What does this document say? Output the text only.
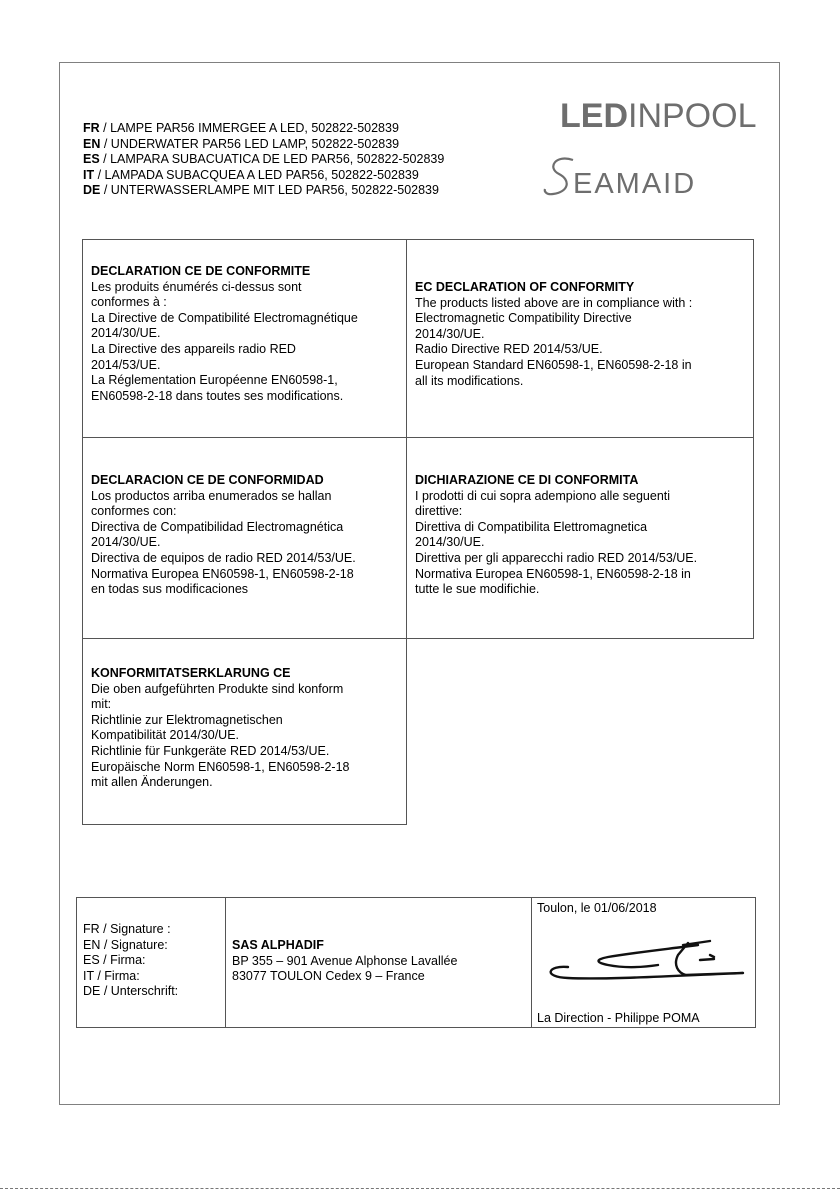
FR / LAMPE PAR56 IMMERGEE A LED, 502822-502839
EN / UNDERWATER PAR56 LED LAMP, 502822-502839
ES / LAMPARA SUBACUATICA DE LED PAR56, 502822-502839
IT / LAMPADA SUBACQUEA A LED PAR56, 502822-502839
DE / UNTERWASSERLAMPE MIT LED PAR56, 502822-502839
LEDINPOOL
EAMAID
DECLARATION CE DE CONFORMITE
Les produits énumérés ci-dessus sont
conformes à :
La Directive de Compatibilité Electromagnétique
2014/30/UE.
La Directive des appareils radio RED
2014/53/UE.
La Réglementation Européenne EN60598-1,
EN60598-2-18 dans toutes ses modifications.
EC DECLARATION OF CONFORMITY
The products listed above are in compliance with :
Electromagnetic Compatibility Directive
2014/30/UE.
Radio Directive RED 2014/53/UE.
European Standard EN60598-1, EN60598-2-18 in
all its modifications.
DECLARACION CE DE CONFORMIDAD
Los productos arriba enumerados se hallan
conformes con:
Directiva de Compatibilidad Electromagnética
2014/30/UE.
Directiva de equipos de radio RED 2014/53/UE.
Normativa Europea EN60598-1, EN60598-2-18
en todas sus modificaciones
DICHIARAZIONE CE DI CONFORMITA
I prodotti di cui sopra adempiono alle seguenti
direttive:
Direttiva di Compatibilita Elettromagnetica
2014/30/UE.
Direttiva per gli apparecchi radio RED 2014/53/UE.
Normativa Europea EN60598-1, EN60598-2-18 in
tutte le sue modifichie.
KONFORMITATSERKLARUNG CE
Die oben aufgeführten Produkte sind konform
mit:
Richtlinie zur Elektromagnetischen
Kompatibilität 2014/30/UE.
Richtlinie für Funkgeräte RED 2014/53/UE.
Europäische Norm EN60598-1, EN60598-2-18
mit allen Änderungen.
FR / Signature :
EN / Signature:
ES / Firma:
IT / Firma:
DE / Unterschrift:
SAS ALPHADIF
BP 355 – 901 Avenue Alphonse Lavallée
83077 TOULON Cedex 9 – France
Toulon, le 01/06/2018
La Direction - Philippe POMA
